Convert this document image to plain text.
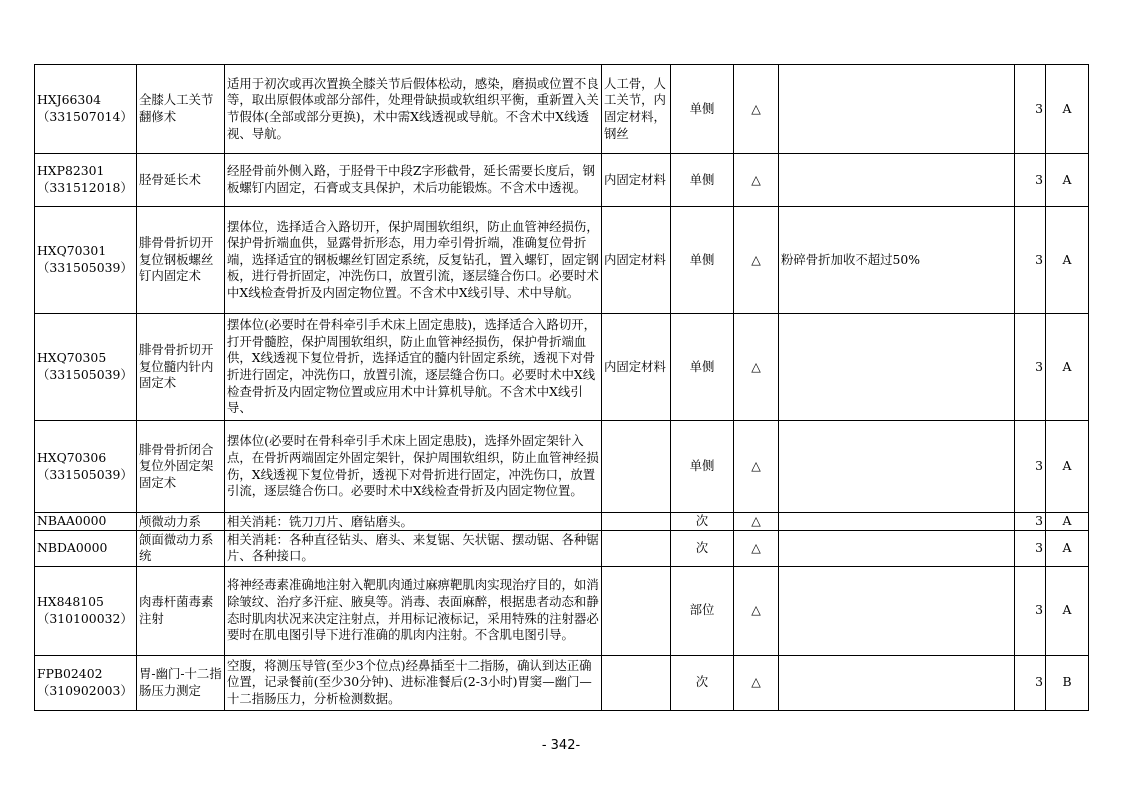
HXJ66304
（331507014）	全膝人工关节翻修术	适用于初次或再次置换全膝关节后假体松动，感染，磨损或位置不良等，取出原假体或部分部件，处理骨缺损或软组织平衡，重新置入关节假体(全部或部分更换)，术中需X线透视或导航。不含术中X线透视、导航。	人工骨，人工关节，内固定材料，钢丝	单侧	△		3	A

HXP82301
（331512018）	胫骨延长术	经胫骨前外侧入路，于胫骨干中段Z字形截骨，延长需要长度后，钢板螺钉内固定，石膏或支具保护，术后功能锻炼。不含术中透视。	内固定材料	单侧	△		3	A

HXQ70301
（331505039）	腓骨骨折切开复位钢板螺丝钉内固定术	摆体位，选择适合入路切开，保护周围软组织，防止血管神经损伤，保护骨折端血供，显露骨折形态，用力牵引骨折端，准确复位骨折端，选择适宜的钢板螺丝钉固定系统，反复钻孔，置入螺钉，固定钢板，进行骨折固定，冲洗伤口，放置引流，逐层缝合伤口。必要时术中X线检查骨折及内固定物位置。不含术中X线引导、术中导航。	内固定材料	单侧	△	粉碎骨折加收不超过50%	3	A

HXQ70305
（331505039）	腓骨骨折切开复位髓内针内固定术	摆体位(必要时在骨科牵引手术床上固定患肢)，选择适合入路切开，打开骨髓腔，保护周围软组织，防止血管神经损伤，保护骨折端血供，X线透视下复位骨折，选择适宜的髓内针固定系统，透视下对骨折进行固定，冲洗伤口，放置引流，逐层缝合伤口。必要时术中X线检查骨折及内固定物位置或应用术中计算机导航。不含术中X线引导、	内固定材料	单侧	△		3	A

HXQ70306
（331505039）	腓骨骨折闭合复位外固定架固定术	摆体位(必要时在骨科牵引手术床上固定患肢)，选择外固定架针入点，在骨折两端固定外固定架针，保护周围软组织，防止血管神经损伤，X线透视下复位骨折，透视下对骨折进行固定，冲洗伤口，放置引流，逐层缝合伤口。必要时术中X线检查骨折及内固定物位置。		单侧	△		3	A

NBAA0000	颅微动力系	相关消耗：铣刀刀片、磨钻磨头。		次	△		3	A

NBDA0000	颌面微动力系统	相关消耗：各种直径钻头、磨头、来复锯、矢状锯、摆动锯、各种锯片、各种接口。		次	△		3	A

HX848105
（310100032）	肉毒杆菌毒素注射	将神经毒素准确地注射入靶肌肉通过麻痹靶肌肉实现治疗目的，如消除皱纹、治疗多汗症、腋臭等。消毒、表面麻醉，根据患者动态和静态时肌肉状况来决定注射点，并用标记液标记，采用特殊的注射器必要时在肌电图引导下进行准确的肌肉内注射。不含肌电图引导。		部位	△		3	A

FPB02402
（310902003）	胃-幽门-十二指肠压力测定	空腹，将测压导管(至少3个位点)经鼻插至十二指肠，确认到达正确位置，记录餐前(至少30分钟)、进标准餐后(2-3小时)胃窦—幽门—十二指肠压力，分析检测数据。		次	△		3	B
- 342-
